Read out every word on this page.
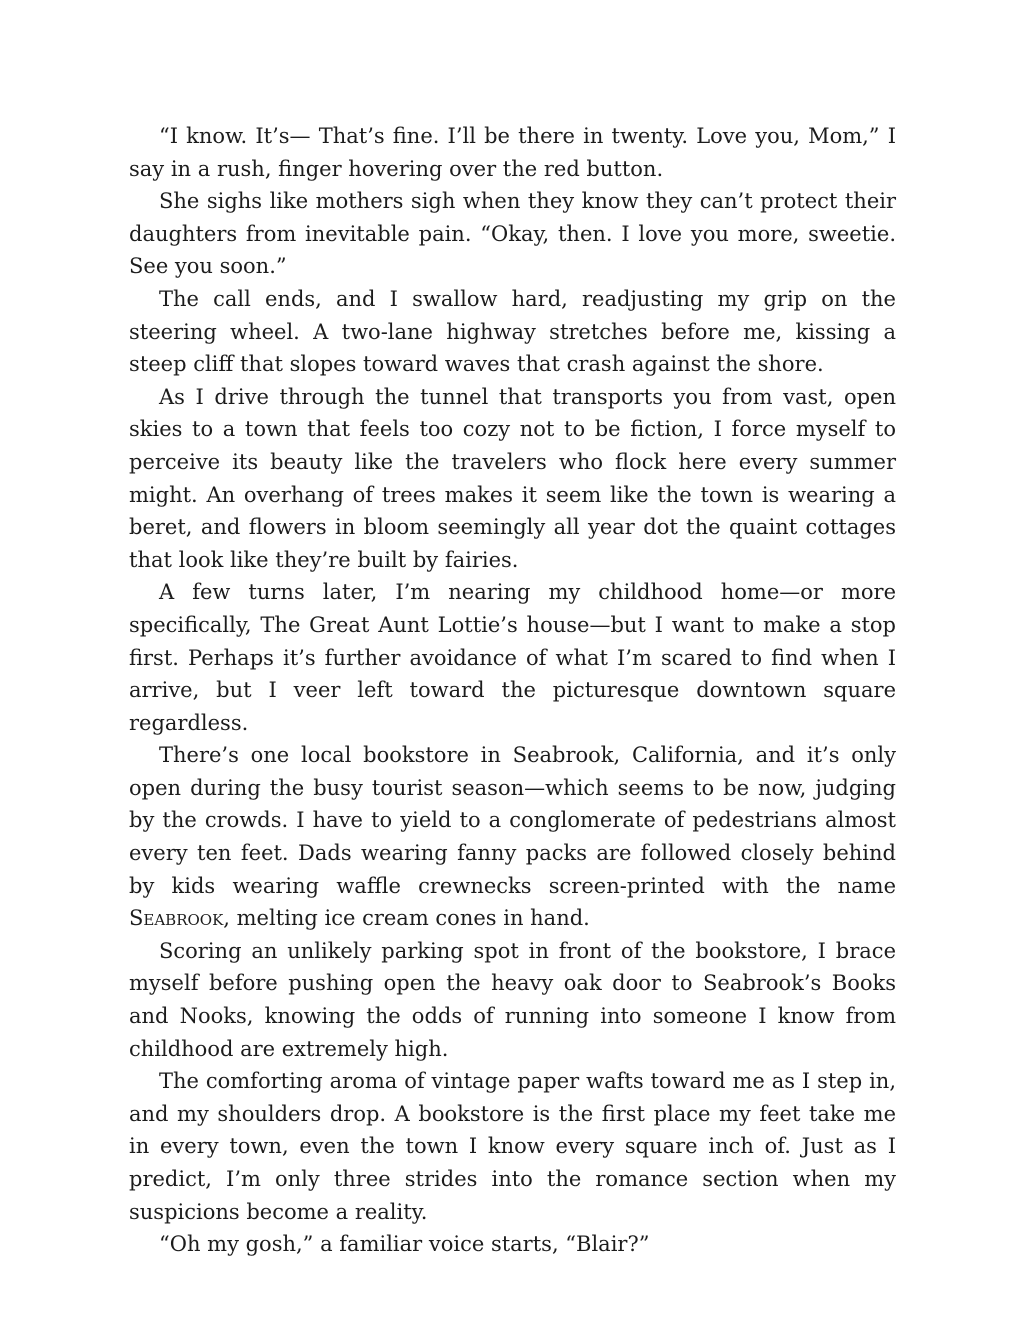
“I know. It’s— That’s fine. I’ll be there in twenty. Love you, Mom,” I say in a rush, finger hovering over the red button.

She sighs like mothers sigh when they know they can’t protect their daughters from inevitable pain. “Okay, then. I love you more, sweetie. See you soon.”

The call ends, and I swallow hard, readjusting my grip on the steering wheel. A two-lane highway stretches before me, kissing a steep cliff that slopes toward waves that crash against the shore.

As I drive through the tunnel that transports you from vast, open skies to a town that feels too cozy not to be fiction, I force myself to perceive its beauty like the travelers who flock here every summer might. An overhang of trees makes it seem like the town is wearing a beret, and flowers in bloom seemingly all year dot the quaint cottages that look like they’re built by fairies.

A few turns later, I’m nearing my childhood home—or more specifically, The Great Aunt Lottie’s house—but I want to make a stop first. Perhaps it’s further avoidance of what I’m scared to find when I arrive, but I veer left toward the picturesque downtown square regardless.

There’s one local bookstore in Seabrook, California, and it’s only open during the busy tourist season—which seems to be now, judging by the crowds. I have to yield to a conglomerate of pedestrians almost every ten feet. Dads wearing fanny packs are followed closely behind by kids wearing waffle crewnecks screen-printed with the name Seabrook, melting ice cream cones in hand.

Scoring an unlikely parking spot in front of the bookstore, I brace myself before pushing open the heavy oak door to Seabrook’s Books and Nooks, knowing the odds of running into someone I know from childhood are extremely high.

The comforting aroma of vintage paper wafts toward me as I step in, and my shoulders drop. A bookstore is the first place my feet take me in every town, even the town I know every square inch of. Just as I predict, I’m only three strides into the romance section when my suspicions become a reality.

“Oh my gosh,” a familiar voice starts, “Blair?”
